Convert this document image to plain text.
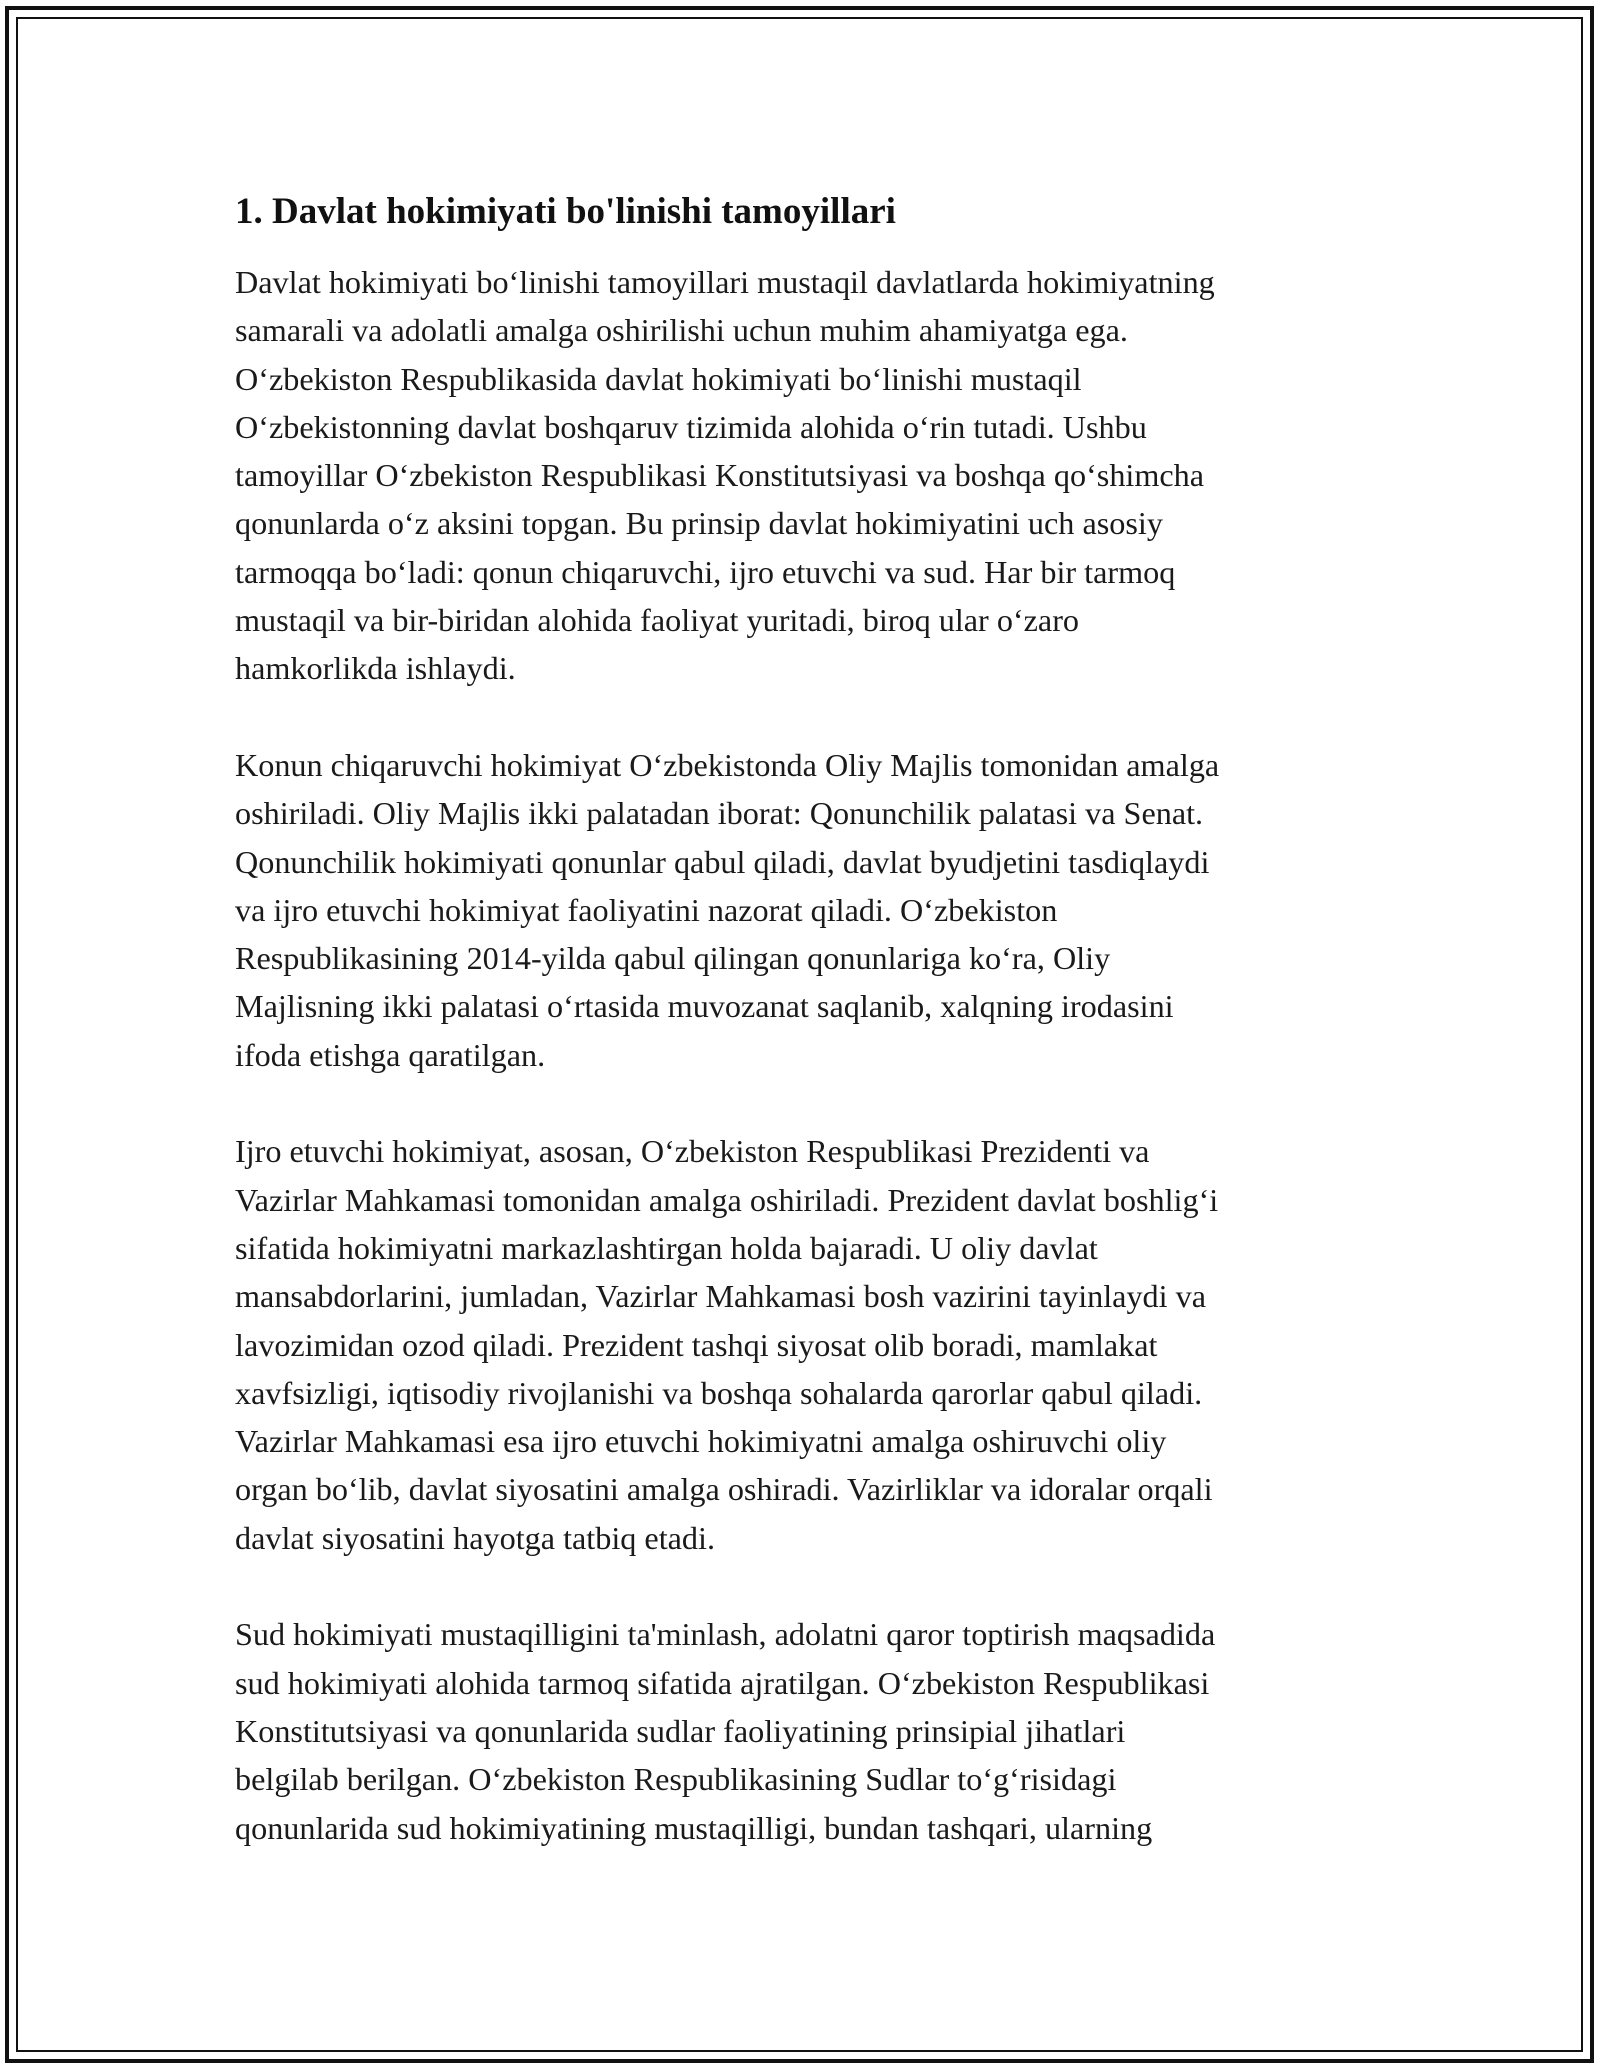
1. Davlat hokimiyati bo'linishi tamoyillari

Davlat hokimiyati boʻlinishi tamoyillari mustaqil davlatlarda hokimiyatning
samarali va adolatli amalga oshirilishi uchun muhim ahamiyatga ega.
Oʻzbekiston Respublikasida davlat hokimiyati boʻlinishi mustaqil
Oʻzbekistonning davlat boshqaruv tizimida alohida oʻrin tutadi. Ushbu
tamoyillar Oʻzbekiston Respublikasi Konstitutsiyasi va boshqa qoʻshimcha
qonunlarda oʻz aksini topgan. Bu prinsip davlat hokimiyatini uch asosiy
tarmoqqa boʻladi: qonun chiqaruvchi, ijro etuvchi va sud. Har bir tarmoq
mustaqil va bir-biridan alohida faoliyat yuritadi, biroq ular oʻzaro
hamkorlikda ishlaydi.

Konun chiqaruvchi hokimiyat Oʻzbekistonda Oliy Majlis tomonidan amalga
oshiriladi. Oliy Majlis ikki palatadan iborat: Qonunchilik palatasi va Senat.
Qonunchilik hokimiyati qonunlar qabul qiladi, davlat byudjetini tasdiqlaydi
va ijro etuvchi hokimiyat faoliyatini nazorat qiladi. Oʻzbekiston
Respublikasining 2014-yilda qabul qilingan qonunlariga koʻra, Oliy
Majlisning ikki palatasi oʻrtasida muvozanat saqlanib, xalqning irodasini
ifoda etishga qaratilgan.

Ijro etuvchi hokimiyat, asosan, Oʻzbekiston Respublikasi Prezidenti va
Vazirlar Mahkamasi tomonidan amalga oshiriladi. Prezident davlat boshligʻi
sifatida hokimiyatni markazlashtirgan holda bajaradi. U oliy davlat
mansabdorlarini, jumladan, Vazirlar Mahkamasi bosh vazirini tayinlaydi va
lavozimidan ozod qiladi. Prezident tashqi siyosat olib boradi, mamlakat
xavfsizligi, iqtisodiy rivojlanishi va boshqa sohalarda qarorlar qabul qiladi.
Vazirlar Mahkamasi esa ijro etuvchi hokimiyatni amalga oshiruvchi oliy
organ boʻlib, davlat siyosatini amalga oshiradi. Vazirliklar va idoralar orqali
davlat siyosatini hayotga tatbiq etadi.

Sud hokimiyati mustaqilligini ta'minlash, adolatni qaror toptirish maqsadida
sud hokimiyati alohida tarmoq sifatida ajratilgan. Oʻzbekiston Respublikasi
Konstitutsiyasi va qonunlarida sudlar faoliyatining prinsipial jihatlari
belgilab berilgan. Oʻzbekiston Respublikasining Sudlar toʻgʻrisidagi
qonunlarida sud hokimiyatining mustaqilligi, bundan tashqari, ularning
